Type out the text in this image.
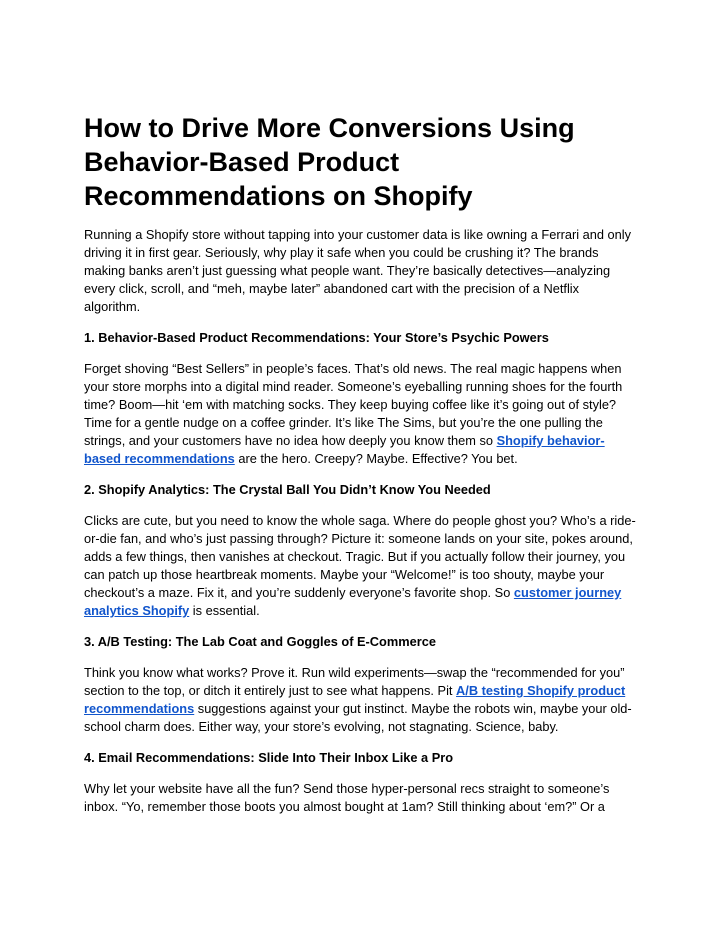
How to Drive More Conversions Using
Behavior-Based Product
Recommendations on Shopify

Running a Shopify store without tapping into your customer data is like owning a Ferrari and only driving it in first gear. Seriously, why play it safe when you could be crushing it? The brands making banks aren’t just guessing what people want. They’re basically detectives—analyzing every click, scroll, and “meh, maybe later” abandoned cart with the precision of a Netflix algorithm.

1. Behavior-Based Product Recommendations: Your Store’s Psychic Powers

Forget shoving “Best Sellers” in people’s faces. That’s old news. The real magic happens when your store morphs into a digital mind reader. Someone’s eyeballing running shoes for the fourth time? Boom—hit ‘em with matching socks. They keep buying coffee like it’s going out of style? Time for a gentle nudge on a coffee grinder. It’s like The Sims, but you’re the one pulling the strings, and your customers have no idea how deeply you know them so Shopify behavior-based recommendations are the hero. Creepy? Maybe. Effective? You bet.

2. Shopify Analytics: The Crystal Ball You Didn’t Know You Needed

Clicks are cute, but you need to know the whole saga. Where do people ghost you? Who’s a ride-or-die fan, and who’s just passing through? Picture it: someone lands on your site, pokes around, adds a few things, then vanishes at checkout. Tragic. But if you actually follow their journey, you can patch up those heartbreak moments. Maybe your “Welcome!” is too shouty, maybe your checkout’s a maze. Fix it, and you’re suddenly everyone’s favorite shop. So customer journey analytics Shopify is essential.

3. A/B Testing: The Lab Coat and Goggles of E-Commerce

Think you know what works? Prove it. Run wild experiments—swap the “recommended for you” section to the top, or ditch it entirely just to see what happens. Pit A/B testing Shopify product recommendations suggestions against your gut instinct. Maybe the robots win, maybe your old-school charm does. Either way, your store’s evolving, not stagnating. Science, baby.

4. Email Recommendations: Slide Into Their Inbox Like a Pro

Why let your website have all the fun? Send those hyper-personal recs straight to someone’s inbox. “Yo, remember those boots you almost bought at 1am? Still thinking about ‘em?” Or a
